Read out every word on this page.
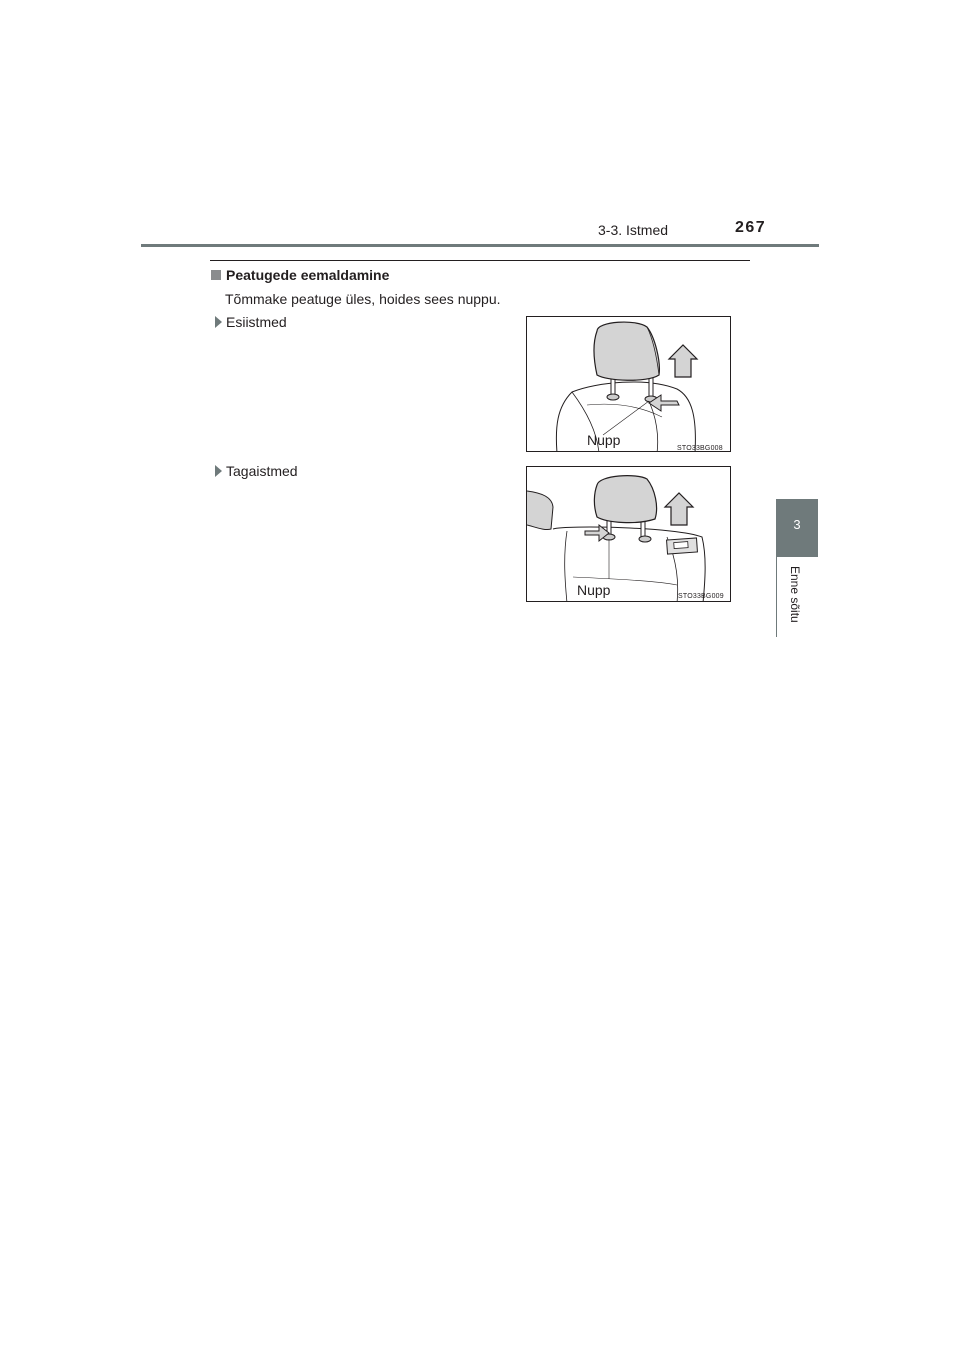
3-3. Istmed	267
3
Enne sõitu
Peatugede eemaldamine
Tõmmake peatuge üles, hoides sees nuppu.
Esiistmed
Nupp
STO33BG008
Tagaistmed
Nupp	STO33BG009
